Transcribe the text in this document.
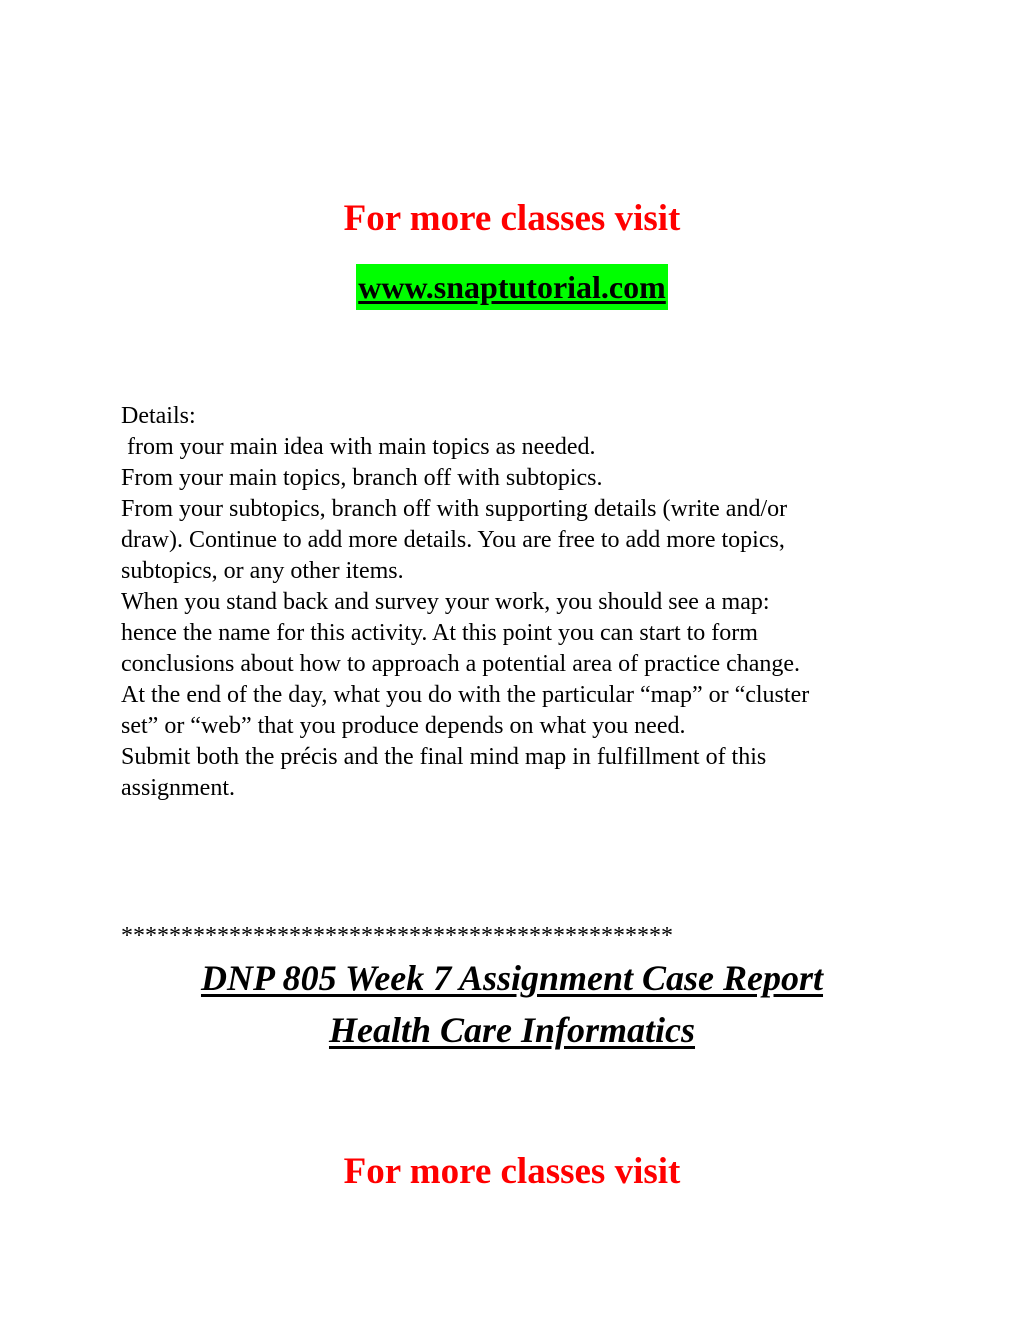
For more classes visit
www.snaptutorial.com

Details:

from your main idea with main topics as needed.

From your main topics, branch off with subtopics.

From your subtopics, branch off with supporting details (write and/or

draw). Continue to add more details. You are free to add more topics,

subtopics, or any other items.

When you stand back and survey your work, you should see a map:

hence the name for this activity. At this point you can start to form

conclusions about how to approach a potential area of practice change.

At the end of the day, what you do with the particular “map” or “cluster

set” or “web” that you produce depends on what you need.

Submit both the précis and the final mind map in fulfillment of this

assignment.

**********************************************
DNP 805 Week 7 Assignment Case Report
Health Care Informatics
For more classes visit
